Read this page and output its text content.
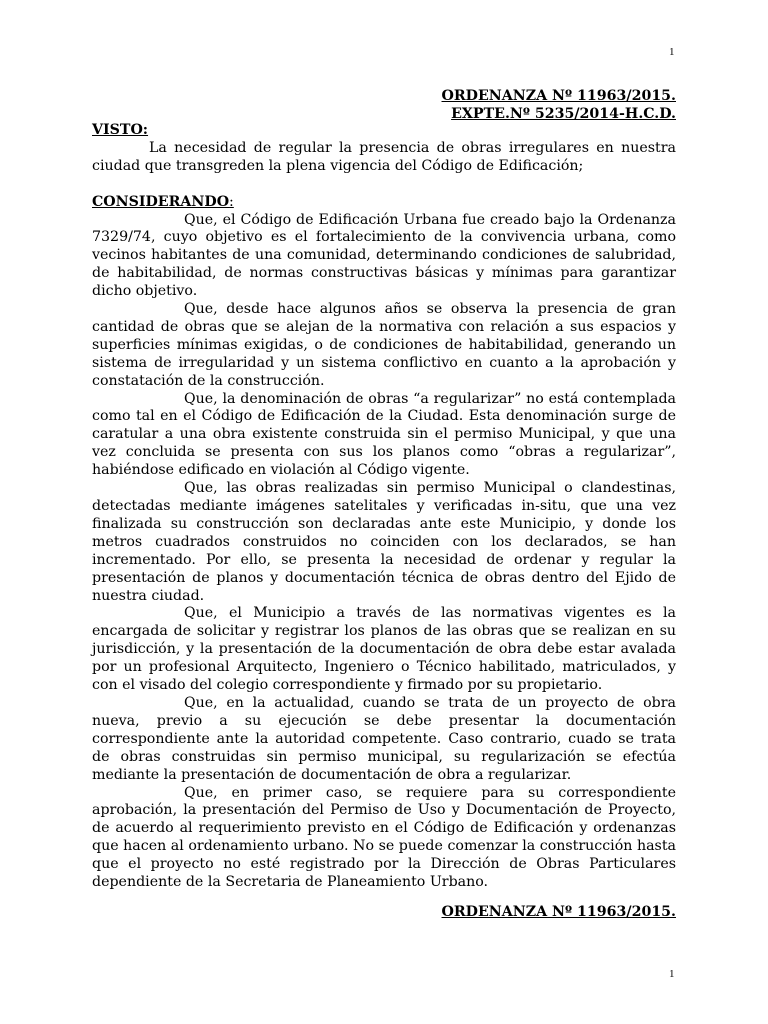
1
ORDENANZA Nº 11963/2015.
EXPTE.Nº 5235/2014-H.C.D.

VISTO:

La necesidad de regular la presencia de obras irregulares en nuestra ciudad que transgreden la plena vigencia del Código de Edificación;

CONSIDERANDO:

Que, el Código de Edificación Urbana fue creado bajo la Ordenanza 7329/74, cuyo objetivo es el fortalecimiento de la convivencia urbana, como vecinos habitantes de una comunidad, determinando condiciones de salubridad, de habitabilidad, de normas constructivas básicas y mínimas para garantizar dicho objetivo.

Que, desde hace algunos años se observa la presencia de gran cantidad de obras que se alejan de la normativa con relación a sus espacios y superficies mínimas exigidas, o de condiciones de habitabilidad, generando un sistema de irregularidad y un sistema conflictivo en cuanto a la aprobación y constatación de la construcción.

Que, la denominación de obras “a regularizar” no está contemplada como tal en el Código de Edificación de la Ciudad. Esta denominación surge de caratular a una obra existente construida sin el permiso Municipal, y que una vez concluida se presenta con sus los planos como “obras a regularizar”, habiéndose edificado en violación al Código vigente.

Que, las obras realizadas sin permiso Municipal o clandestinas, detectadas mediante imágenes satelitales y verificadas in-situ, que una vez finalizada su construcción son declaradas ante este Municipio, y donde los metros cuadrados construidos no coinciden con los declarados, se han incrementado. Por ello, se presenta la necesidad de ordenar y regular la presentación de planos y documentación técnica de obras dentro del Ejido de nuestra ciudad.

Que, el Municipio a través de las normativas vigentes es la encargada de solicitar y registrar los planos de las obras que se realizan en su jurisdicción, y la presentación de la documentación de obra debe estar avalada por un profesional Arquitecto, Ingeniero o Técnico habilitado, matriculados, y con el visado del colegio correspondiente y firmado por su propietario.

Que, en la actualidad, cuando se trata de un proyecto de obra nueva, previo a su ejecución se debe presentar la documentación correspondiente ante la autoridad competente. Caso contrario, cuado se trata de obras construidas sin permiso municipal, su regularización se efectúa mediante la presentación de documentación de obra a regularizar.

Que, en primer caso, se requiere para su correspondiente aprobación, la presentación del Permiso de Uso y Documentación de Proyecto, de acuerdo al requerimiento previsto en el Código de Edificación y ordenanzas que hacen al ordenamiento urbano. No se puede comenzar la construcción hasta que el proyecto no esté registrado por la Dirección de Obras Particulares dependiente de la Secretaria de Planeamiento Urbano.

ORDENANZA Nº 11963/2015.
1
